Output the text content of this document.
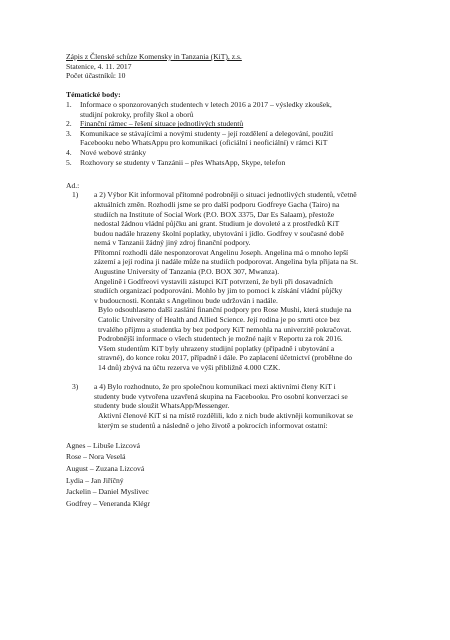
Zápis z Členské schůze Komensky in Tanzania (KiT), z.s.
Statenice, 4. 11. 2017
Počet účastníků: 10
Tématické body:
1. Informace o sponzorovaných studentech v letech 2016 a 2017 – výsledky zkoušek,
studijní pokroky, profily škol a oborů
2. Finanční rámec – řešení situace jednotlivých studentů
3. Komunikace se stávajícími a novými studenty – její rozdělení a delegování, použití
Facebooku nebo WhatsAppu pro komunikaci (oficiální i neoficiální) v rámci KiT
4. Nové webové stránky
5. Rozhovory se studenty v Tanzánii – přes WhatsApp, Skype, telefon
Ad.:
1) a 2) Výbor Kit informoval přítomné podrobněji o situaci jednotlivých studentů, včetně
aktuálních změn. Rozhodli jsme se pro další podporu Godfreye Gacha (Tairo) na
studiích na Institute of Social Work (P.O. BOX 3375, Dar Es Salaam), přestože
nedostal žádnou vládní půjčku ani grant. Studium je dovoleté a z prostředků KiT
budou nadále hrazeny školní poplatky, ubytování i jídlo. Godfrey v současné době
nemá v Tanzanii žádný jiný zdroj finanční podpory.
Přítomní rozhodli dále nesponzorovat Angelinu Joseph. Angelina má o mnoho lepší
zázemí a její rodina ji nadále může na studiích podporovat. Angelina byla přijata na St.
Augustine University of Tanzania (P.O. BOX 307, Mwanza).
Angelině i Godfreovi vystavili zástupci KiT potvrzení, že byli při dosavadních
studiích organizací podporováni. Mohlo by jim to pomoci k získání vládní půjčky
v budoucnosti. Kontakt s Angelinou bude udržován i nadále.
Bylo odsouhlaseno další zaslání finanční podpory pro Rose Mushi, která studuje na
Catolic University of Health and Allied Science. Její rodina je po smrti otce bez
trvalého příjmu a studentka by bez podpory KiT nemohla na univerzitě pokračovat.
Podrobnější informace o všech studentech je možné najít v Reportu za rok 2016.
Všem studentům KiT byly uhrazeny studijní poplatky (případně i ubytování a
stravné), do konce roku 2017, případně i dále. Po zaplacení účetnictví (proběhne do
14 dnů) zbývá na účtu rezerva ve výši přibližně 4.000 CZK.
3) a 4) Bylo rozhodnuto, že pro společnou komunikaci mezi aktivními členy KiT i
studenty bude vytvořena uzavřená skupina na Facebooku. Pro osobní konverzaci se
studenty bude sloužit WhatsApp/Messenger.
Aktivní členové KiT si na místě rozdělili, kdo z nich bude aktivněji komunikovat se
kterým se studentů a následně o jeho životě a pokrocích informovat ostatní:
Agnes – Libuše Lizcová
Rose – Nora Veselá
August – Zuzana Lizcová
Lydia – Jan Jiříčný
Jackelin – Daniel Myslivec
Godfrey – Veneranda Klégr
